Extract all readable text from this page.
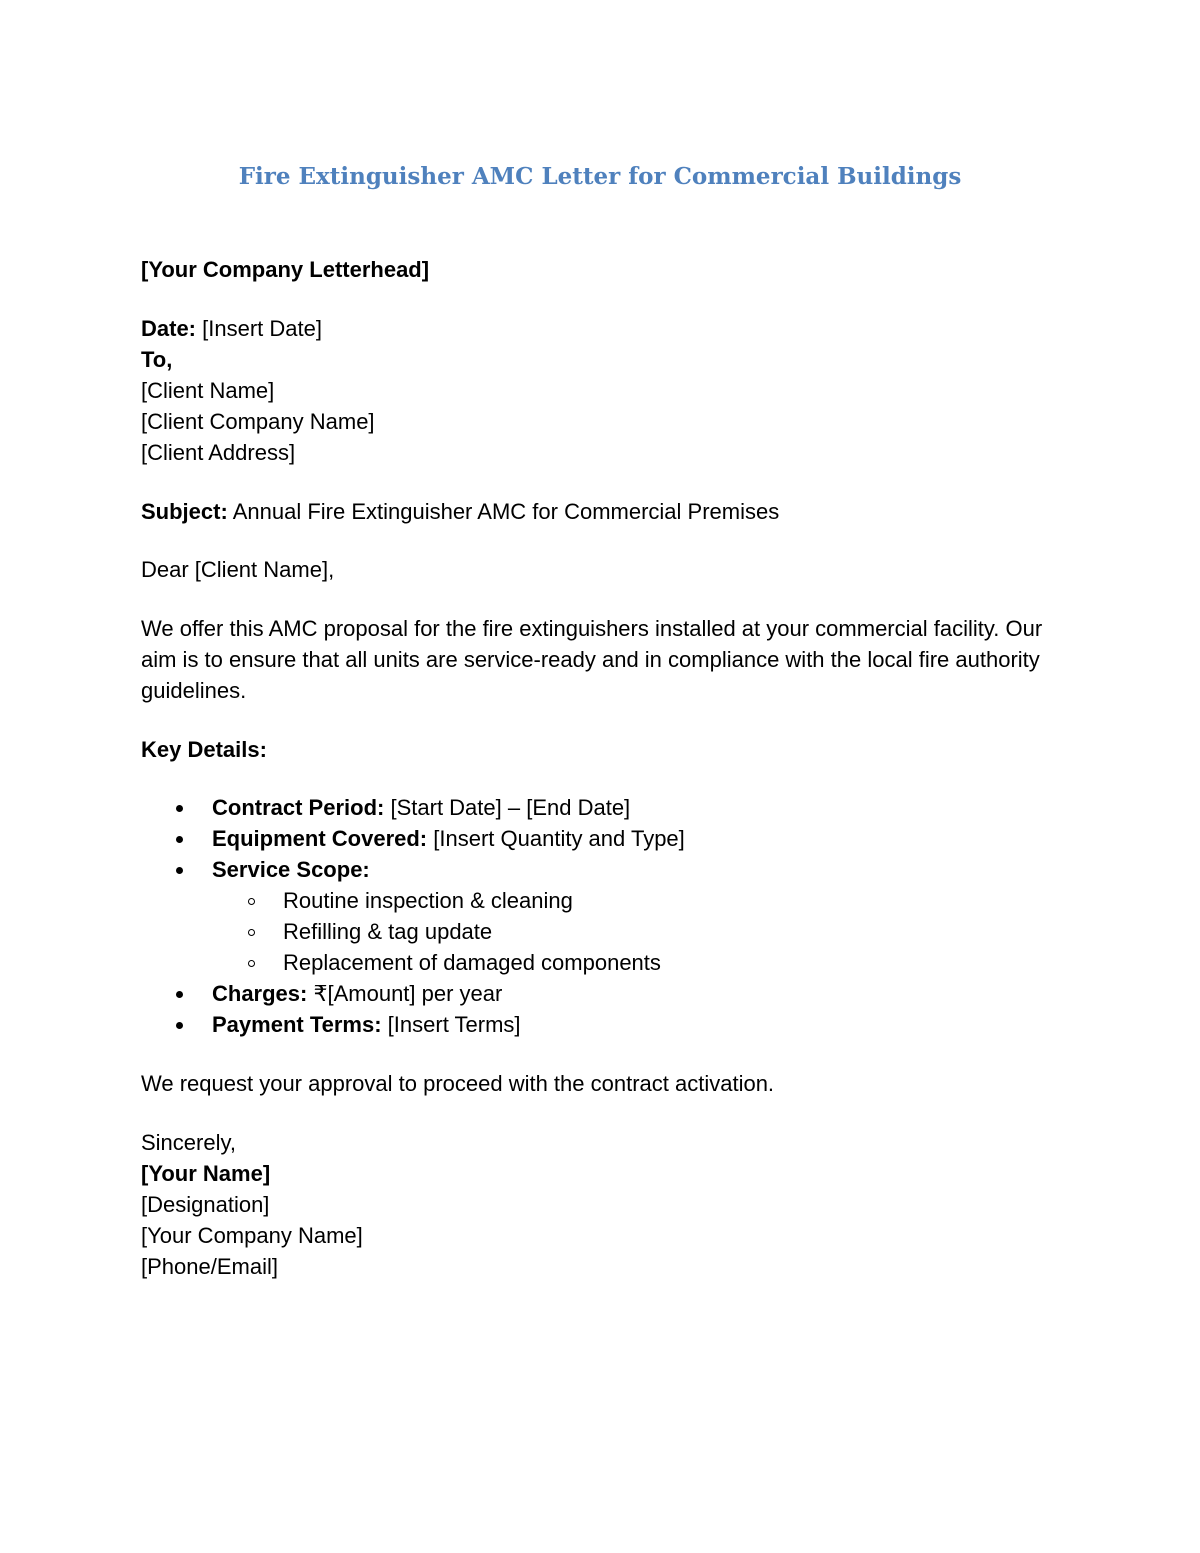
Fire Extinguisher AMC Letter for Commercial Buildings
[Your Company Letterhead]
Date: [Insert Date]
To,
[Client Name]
[Client Company Name]
[Client Address]
Subject: Annual Fire Extinguisher AMC for Commercial Premises
Dear [Client Name],
We offer this AMC proposal for the fire extinguishers installed at your commercial facility. Our aim is to ensure that all units are service-ready and in compliance with the local fire authority guidelines.
Key Details:
Contract Period: [Start Date] – [End Date]
Equipment Covered: [Insert Quantity and Type]
Service Scope:
Routine inspection & cleaning
Refilling & tag update
Replacement of damaged components
Charges: ₹[Amount] per year
Payment Terms: [Insert Terms]
We request your approval to proceed with the contract activation.
Sincerely,
[Your Name]
[Designation]
[Your Company Name]
[Phone/Email]
